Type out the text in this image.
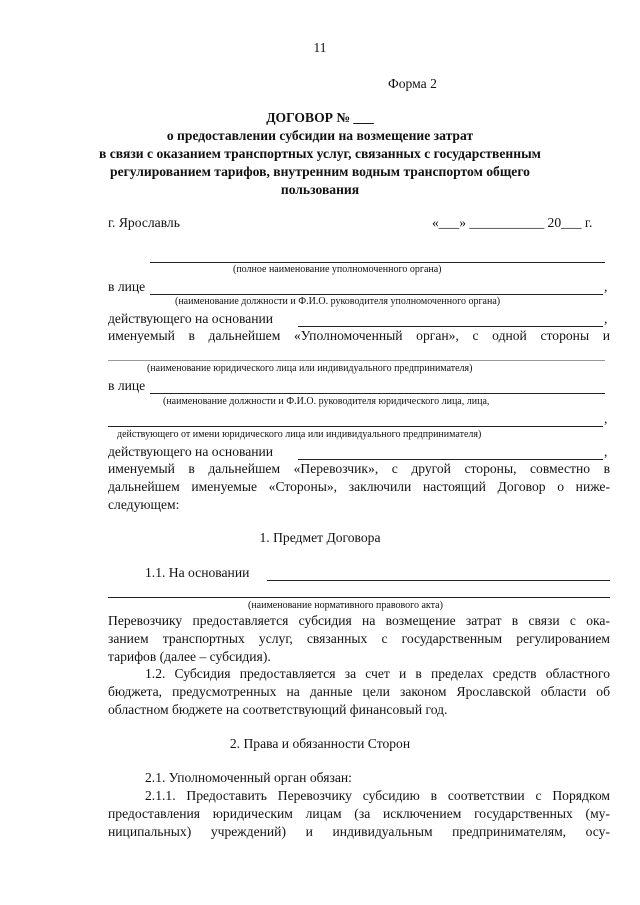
11
Форма 2
ДОГОВОР № ___
о предоставлении субсидии на возмещение затрат
в связи с оказанием транспортных услуг, связанных с государственным
регулированием тарифов, внутренним водным транспортом общего
пользования
г. Ярославль	«___» ___________ 20___ г.
(полное наименование уполномоченного органа)
в лице	,
(наименование должности и Ф.И.О. руководителя уполномоченного органа)
действующего на основании	,
именуемый в дальнейшем «Уполномоченный орган», с одной стороны и
(наименование юридического лица или индивидуального предпринимателя)
в лице
(наименование должности и Ф.И.О. руководителя юридического лица, лица,
,
действующего от имени юридического лица или индивидуального предпринимателя)
действующего на основании	,
именуемый в дальнейшем «Перевозчик», с другой стороны, совместно в
дальнейшем именуемые «Стороны», заключили настоящий Договор о ниже-
следующем:
1. Предмет Договора
1.1. На основании
(наименование нормативного правового акта)
Перевозчику предоставляется субсидия на возмещение затрат в связи с ока-
занием транспортных услуг, связанных с государственным регулированием
тарифов (далее – субсидия).
1.2. Субсидия предоставляется за счет и в пределах средств областного
бюджета, предусмотренных на данные цели законом Ярославской области об
областном бюджете на соответствующий финансовый год.
2. Права и обязанности Сторон
2.1. Уполномоченный орган обязан:
2.1.1. Предоставить Перевозчику субсидию в соответствии с Порядком
предоставления юридическим лицам (за исключением государственных (му-
ниципальных) учреждений) и индивидуальным предпринимателям, осу-
